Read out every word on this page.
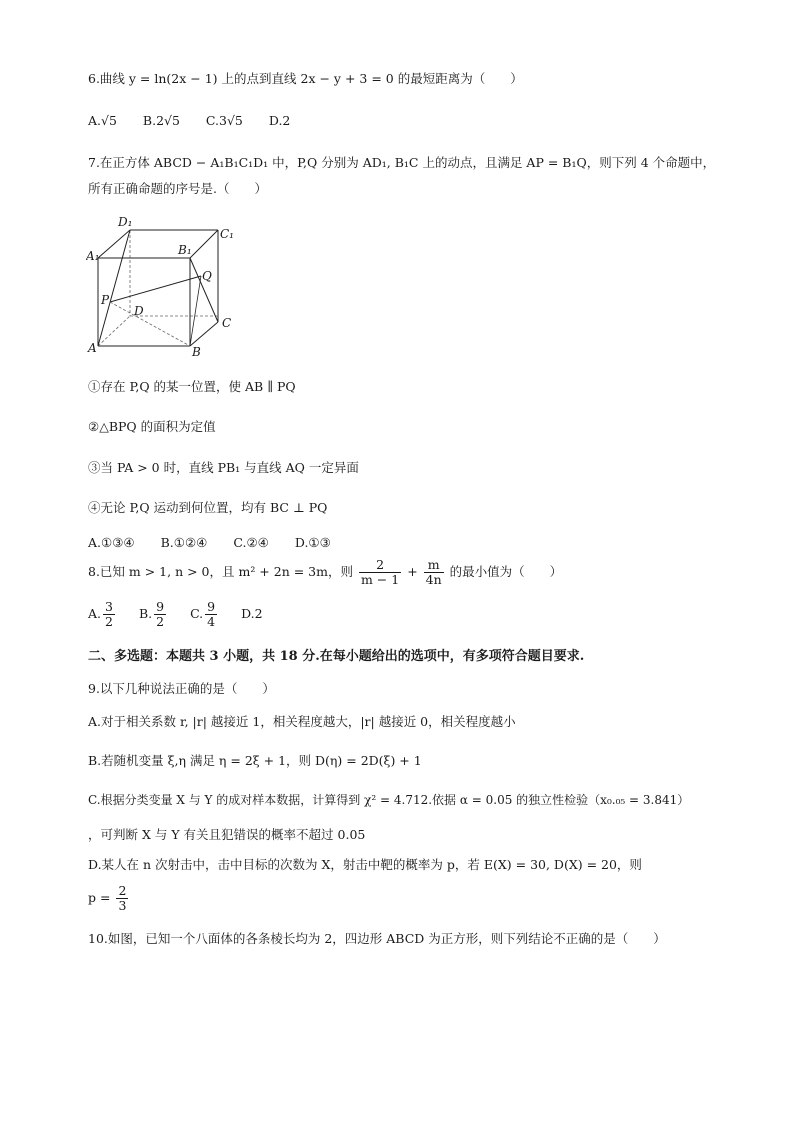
6.曲线 y = ln(2x − 1) 上的点到直线 2x − y + 3 = 0 的最短距离为（　　）
A.√5 B.2√5 C.3√5 D.2
7.在正方体 ABCD − A₁B₁C₁D₁ 中，P,Q 分别为 AD₁, B₁C 上的动点，且满足 AP = B₁Q，则下列 4 个命题中，
所有正确命题的序号是.（　　）
D₁
C₁
A₁	B₁
Q
P
D
C
A	B
①存在 P,Q 的某一位置，使 AB ∥ PQ
②△BPQ 的面积为定值
③当 PA > 0 时，直线 PB₁ 与直线 AQ 一定异面
④无论 P,Q 运动到何位置，均有 BC ⊥ PQ
A.①③④ B.①②④ C.②④ D.①③
8.已知 m > 1, n > 0，且 m² + 2n = 3m，则 $\frac{2}{m - 1} + \frac{m}{4n}$ 的最小值为（　　）
A. $\frac{3}{2} B$. $\frac{9}{2} C$. $\frac{9}{4} D.2$
二、多选题：本题共 3 小题，共 18 分.在每小题给出的选项中，有多项符合题目要求.
9.以下几种说法正确的是（　　）
A.对于相关系数 r, |r| 越接近 1，相关程度越大，|r| 越接近 0，相关程度越小
B.若随机变量 ξ,η 满足 η = 2ξ + 1，则 D(η) = 2D(ξ) + 1
C.根据分类变量 X 与 Y 的成对样本数据，计算得到 χ² = 4.712.依据 α = 0.05 的独立性检验（x₀.₀₅ = 3.841）
，可判断 X 与 Y 有关且犯错误的概率不超过 0.05
D.某人在 n 次射击中，击中目标的次数为 X，射击中靶的概率为 p，若 E(X) = 30, D(X) = 20，则
$p = \frac{2}{3}$
10.如图，已知一个八面体的各条棱长均为 2，四边形 ABCD 为正方形，则下列结论不正确的是（　　）
